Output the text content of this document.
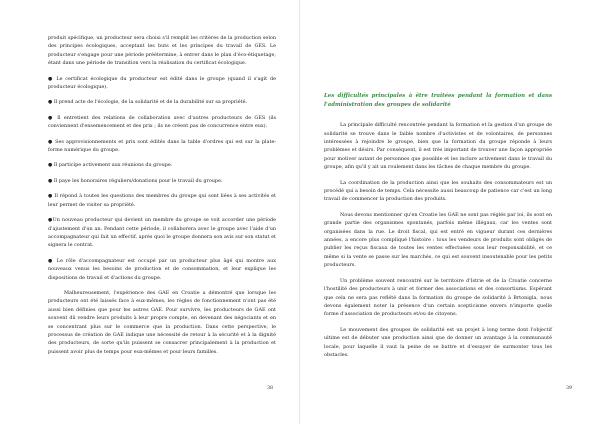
produit spécifique, un producteur sera choisi s'il remplit les critères de la production selon des principes écologiques, acceptant les buts et les principes du travail de GES. Le producteur s'engage pour une période préétermine, à entrer dans le plan d'éco-étiquetage, étant dans une période de transition vers la réalisation du certificat écologique.

● Le certificat écologique du producteur est édité dans le groupe (quand il s'agit de producteur écologique).

● Il prend acte de l'écologie, de la solidarité et de la durabilité sur sa propriété.

● Il entretient des relations de collaboration avec d'autres producteurs de GES (ils conviennent d'ensemencement et des prix ; ils ne créent pas de concurrence entre eux).

● Ses approvisionnements et prix sont édités dans la table d'ordres qui est sur la plate-forme numérique du groupe.

● Il participe activement aux réunions du groupe.

● Il paye les honoraires réguliers/donations pour le travail du groupe.

● Il répond à toutes les questions des membres du groupe qui sont liées à ses activités et leur permet de visiter sa propriété.

●Un nouveau producteur qui devient un membre du groupe se voit accorder une période d'ajustement d'un an. Pendant cette période, il collaborera avec le groupe avec l'aide d'un accompagnateur qui fait un effectif, après quoi le groupe donnera son avis sur son statut et signera le contrat.

● Le rôle d'accompagnateur est occupé par un producteur plus âgé qui montre aux nouveaux venus les besoins de production et de consommation, et leur explique les dispositions de travail et d'actions du groupe.

Malheureusement, l'expérience des GAE en Croatie a démontré que lorsque les producteurs ont été laissés face à eux-mêmes, les règles de fonctionnement n'ont pas été aussi bien définies que pour les autres GAE. Pour survivre, les producteurs de GAE ont souvent dû vendre leurs produits à leur propre compte, en devenant des négociants et en se concentrant plus sur le commerce que la production. Dans cette perspective, le processus de création de GAE indique une nécessité de retour à la sécurité et à la dignité des producteurs, de sorte qu'ils puissent se consacrer principalement à la production et puissent avoir plus de temps pour eux-mêmes et pour leurs familles.

38	39

Les difficultés principales à être traitées pendant la formation et dans l'administration des groupes de solidarité

La principale difficulté rencontrée pendant la formation et la gestion d'un groupe de solidarité se trouve dans le faible nombre d'activistes et de volontaires, de personnes intéressées à rejoindre le groupe, bien que la formation du groupe réponde à leurs problèmes et désirs. Par conséquent, il est très important de trouver une façon appropriée pour motiver autant de personnes que possible et les inclure activement dans le travail du groupe, afin qu'il y ait un roulement dans les tâches de chaque membre du groupe.

La coordination de la production ainsi que les souhaits des consommateurs est un procédé qui a besoin de temps. Cela nécessite aussi beaucoup de patience car c'est un long travail de commencer la production des produits.

Nous devons mentionner qu'en Croatie les GAE ne sont pas réglés par loi, ils sont en grande partie des organismes spontanés, parfois même illégaux, car les ventes sont organisées dans la rue. Le droit fiscal, qui est entré en vigueur durant ces dernières années, a encore plus compliqué l'histoire : tous les vendeurs de produits sont obligés de publier les reçus fiscaux de toutes les ventes effectuées sous leur responsabilité, et ce même si la vente se passe sur les marchés, ce qui est souvent insoutenable pour les petits producteurs.

Un problème souvent rencontré sur le territoire d'Istrie et de la Croatie concerne l'hostilité des producteurs à unir et former des associations et des consortiums. Espérant que cela ne sera pas reflété dans la formation du groupe de solidarité à Brtonigla, nous devons également noter la présence d'un certain scepticisme envers n'importe quelle forme d'association de producteurs et/ou de citoyens.

Le mouvement des groupes de solidarité est un projet à long terme dont l'objectif ultime est de débuter une production ainsi que de donner un avantage à la communauté locale, pour laquelle il vaut la peine de se battre et d'essayer de surmonter tous les obstacles.
